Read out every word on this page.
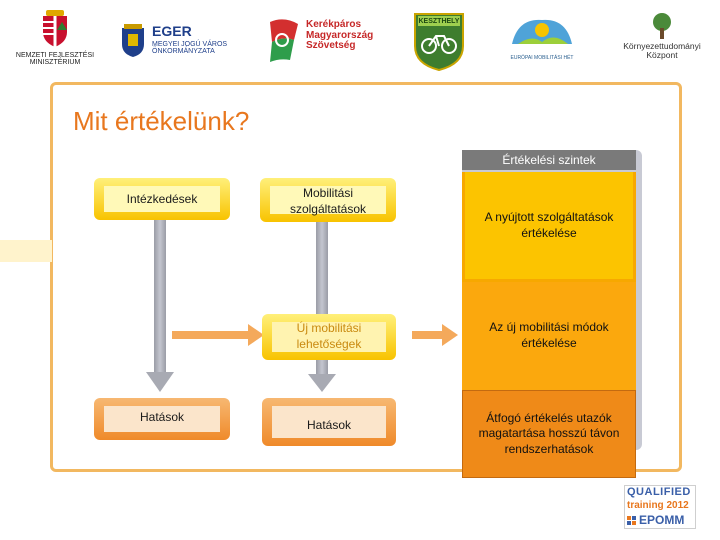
NEMZETI FEJLESZTÉSI
MINISZTÉRIUM
EGER
MEGYEI JOGÚ VÁROS
ÖNKORMÁNYZATA
Kerékpáros
Magyarország
Szövetség
KESZTHELY
EURÓPAI MOBILITÁSI HÉT
Környezettudományi
Központ
Mit értékelünk?
Értékelési szintek
A nyújtott szolgáltatások értékelése
Az új mobilitási módok értékelése
Átfogó értékelés utazók magatartása hosszú távon rendszerhatások
Intézkedések
Hatások
Mobilitási szolgáltatások
Új mobilitási lehetőségek
Hatások
QUALIFIED
training 2012
EPOMM
